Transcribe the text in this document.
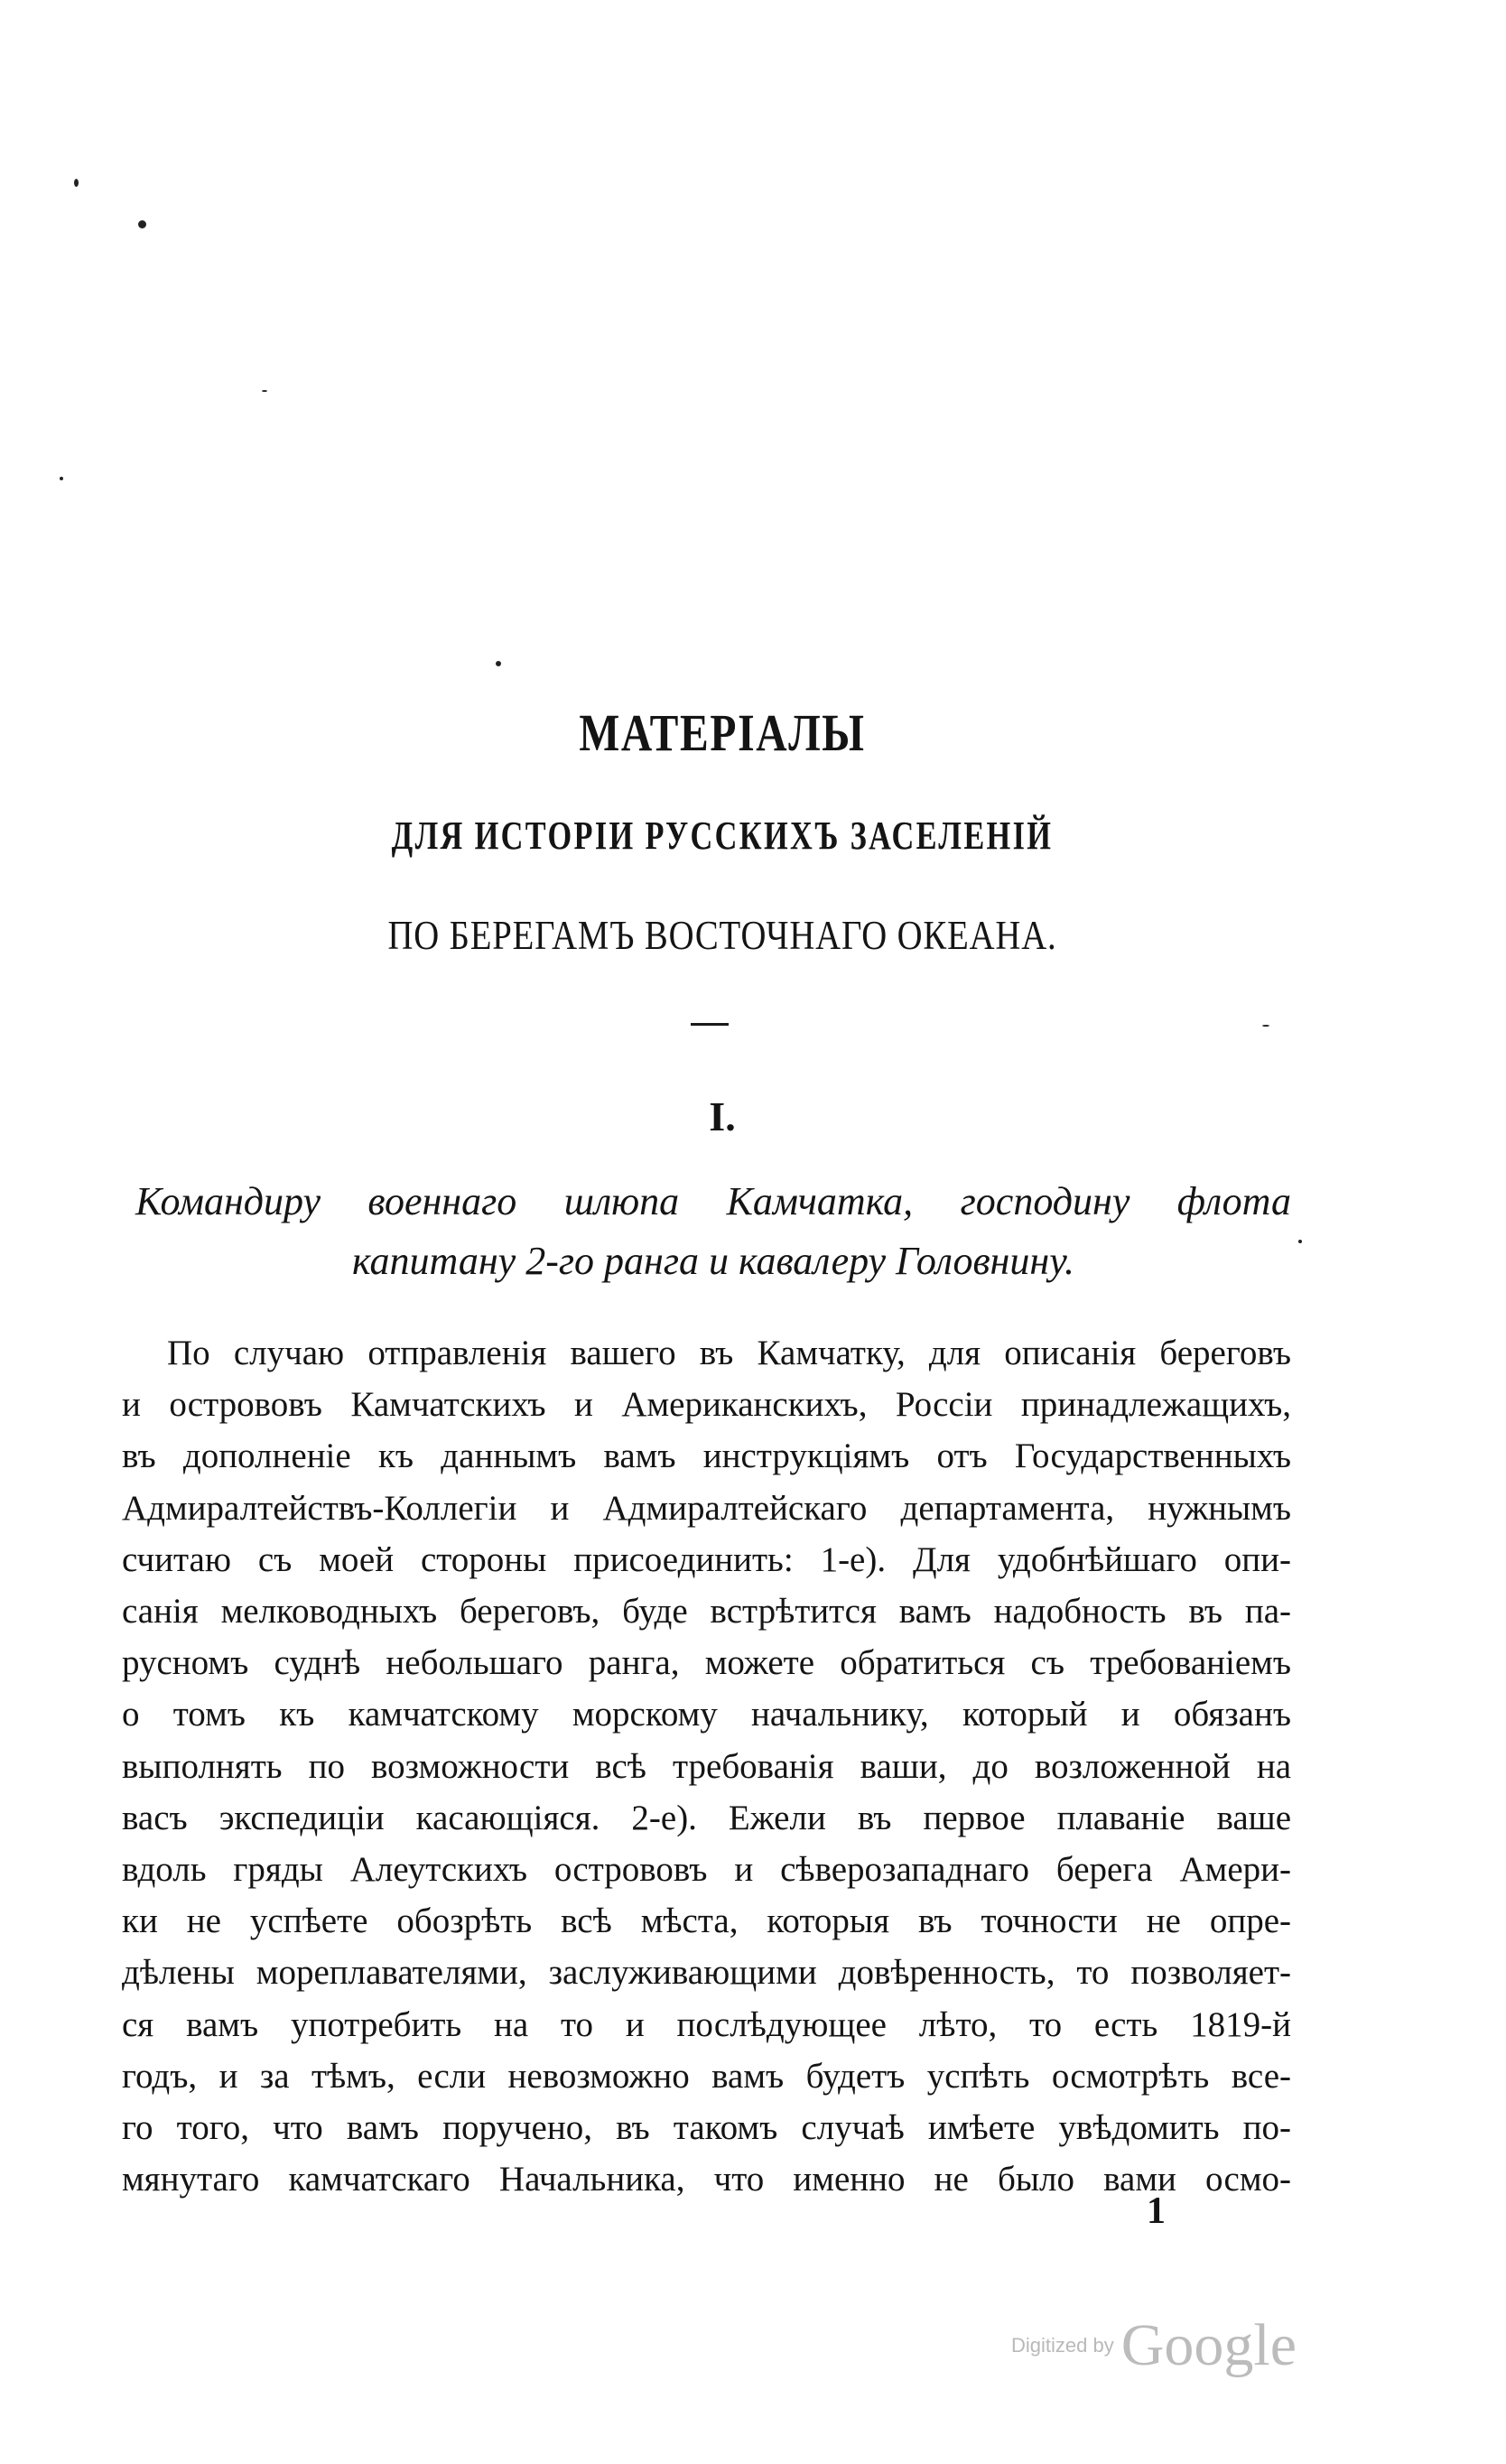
МАТЕРІАЛЫ
ДЛЯ ИСТОРІИ РУССКИХЪ ЗАСЕЛЕНІЙ
ПО БЕРЕГАМЪ ВОСТОЧНАГО ОКЕАНА.
I.
Командиру военнаго шлюпа Камчатка, господину флота
капитану 2-го ранга и кавалеру Головнину.
По случаю отправленія вашего въ Камчатку, для описанія береговъ
и острововъ Камчатскихъ и Американскихъ, Россіи принадлежащихъ,
въ дополненіе къ даннымъ вамъ инструкціямъ отъ Государственныхъ
Адмиралтействъ-Коллегіи и Адмиралтейскаго департамента, нужнымъ
считаю съ моей стороны присоединить: 1-е). Для удобнѣйшаго опи-
санія мелководныхъ береговъ, буде встрѣтится вамъ надобность въ па-
русномъ суднѣ небольшаго ранга, можете обратиться съ требованіемъ
о томъ къ камчатскому морскому начальнику, который и обязанъ
выполнять по возможности всѣ требованія ваши, до возложенной на
васъ экспедиціи касающіяся. 2-е). Ежели въ первое плаваніе ваше
вдоль гряды Алеутскихъ острововъ и сѣверозападнаго берега Амери-
ки не успѣете обозрѣть всѣ мѣста, которыя въ точности не опре-
дѣлены мореплавателями, заслуживающими довѣренность, то позволяет-
ся вамъ употребить на то и послѣдующее лѣто, то есть 1819-й
годъ, и за тѣмъ, если невозможно вамъ будетъ успѣть осмотрѣть все-
го того, что вамъ поручено, въ такомъ случаѣ имѣете увѣдомить по-
мянутаго камчатскаго Начальника, что именно не было вами осмо-
1
Digitized by Google
